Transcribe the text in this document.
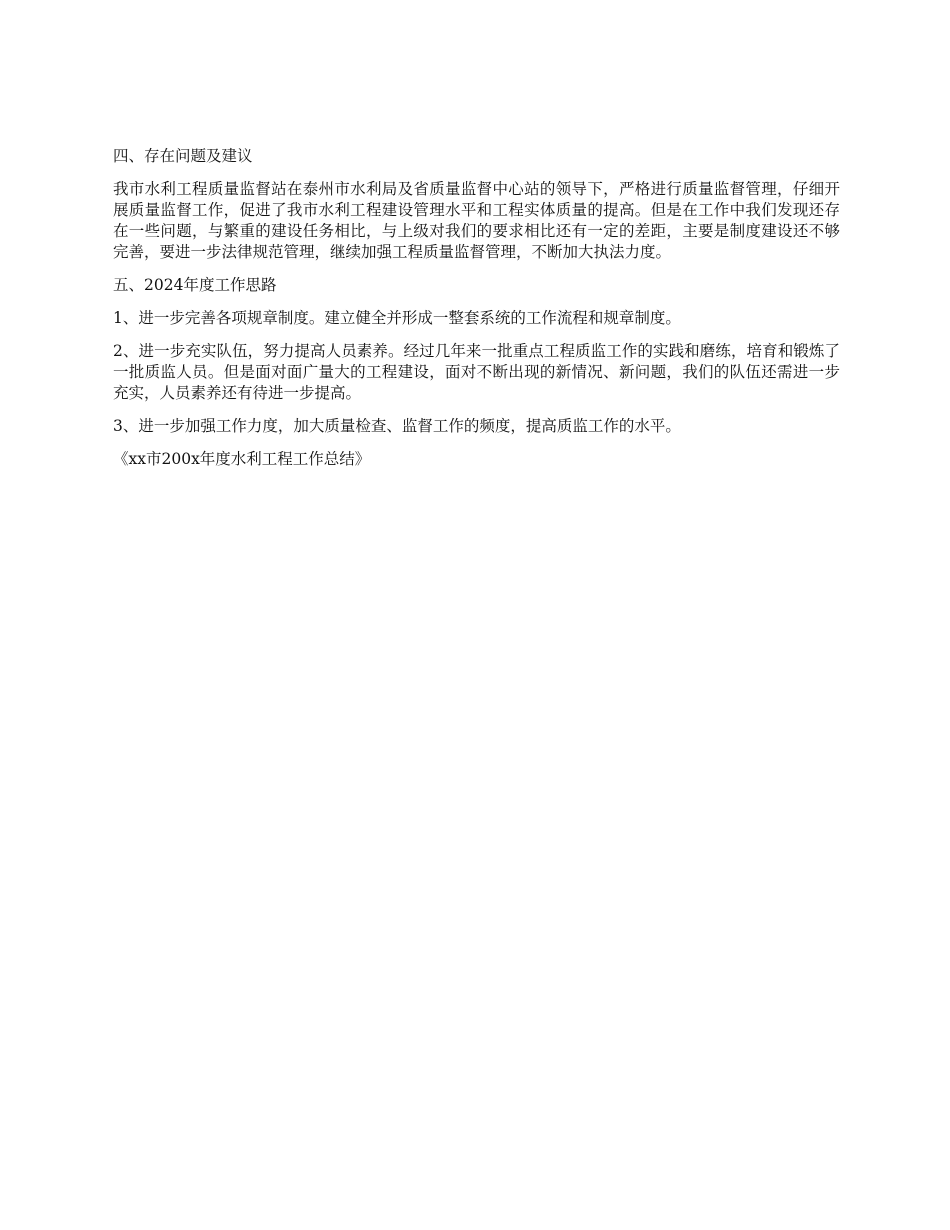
四、存在问题及建议

我市水利工程质量监督站在泰州市水利局及省质量监督中心站的领导下，严格进行质量监督管理，仔细开展质量监督工作，促进了我市水利工程建设管理水平和工程实体质量的提高。但是在工作中我们发现还存在一些问题，与繁重的建设任务相比，与上级对我们的要求相比还有一定的差距，主要是制度建设还不够完善，要进一步法律规范管理，继续加强工程质量监督管理，不断加大执法力度。

五、2024年度工作思路

1、进一步完善各项规章制度。建立健全并形成一整套系统的工作流程和规章制度。

2、进一步充实队伍，努力提高人员素养。经过几年来一批重点工程质监工作的实践和磨练，培育和锻炼了一批质监人员。但是面对面广量大的工程建设，面对不断出现的新情况、新问题，我们的队伍还需进一步充实，人员素养还有待进一步提高。

3、进一步加强工作力度，加大质量检查、监督工作的频度，提高质监工作的水平。

《xx市200x年度水利工程工作总结》
